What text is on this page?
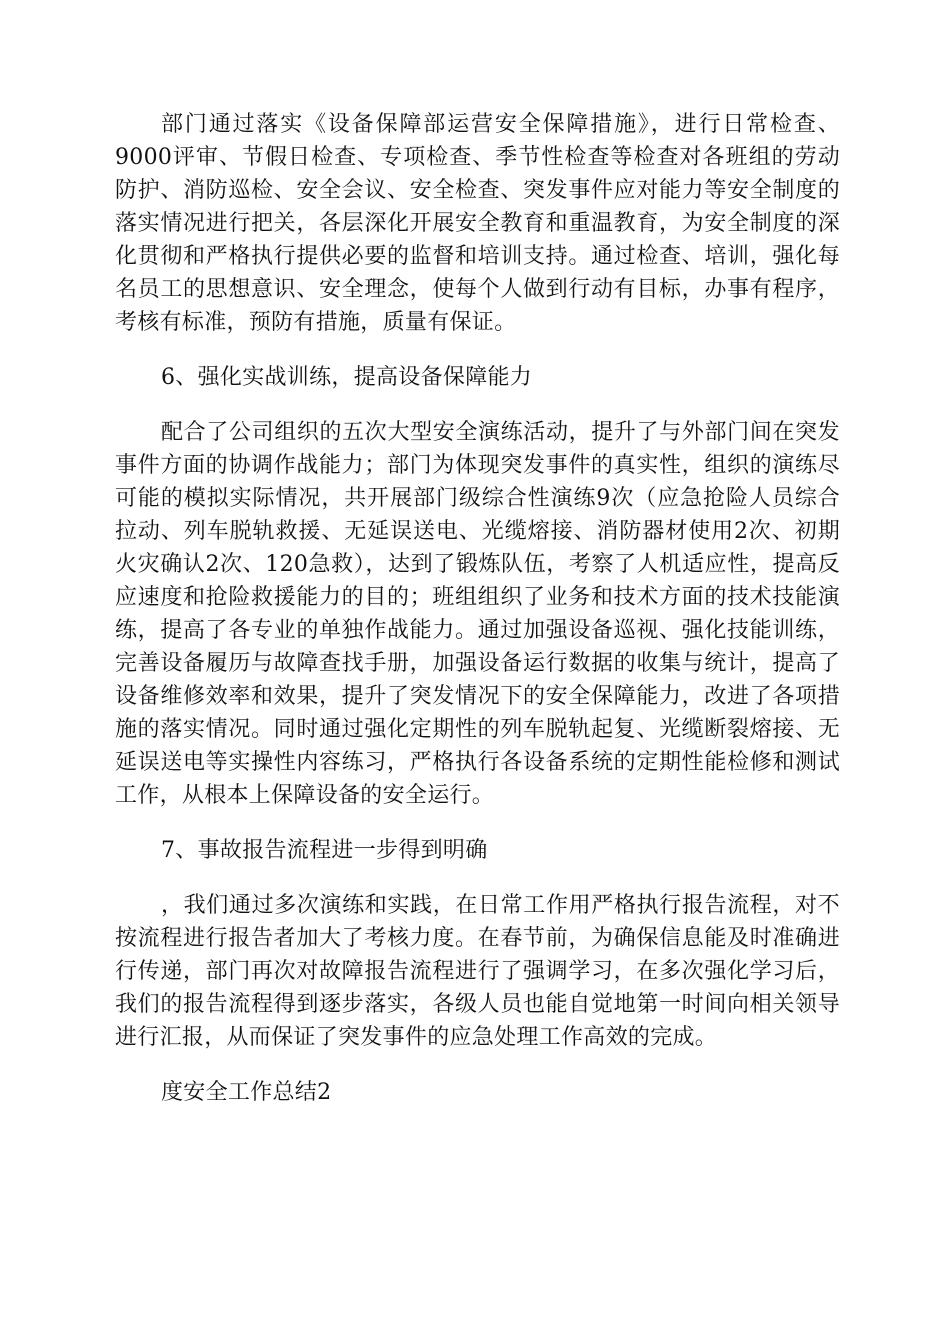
部门通过落实《设备保障部运营安全保障措施》，进行日常检查、9000评审、节假日检查、专项检查、季节性检查等检查对各班组的劳动防护、消防巡检、安全会议、安全检查、突发事件应对能力等安全制度的落实情况进行把关，各层深化开展安全教育和重温教育，为安全制度的深化贯彻和严格执行提供必要的监督和培训支持。通过检查、培训，强化每名员工的思想意识、安全理念，使每个人做到行动有目标，办事有程序，考核有标准，预防有措施，质量有保证。

6、强化实战训练，提高设备保障能力

配合了公司组织的五次大型安全演练活动，提升了与外部门间在突发事件方面的协调作战能力；部门为体现突发事件的真实性，组织的演练尽可能的模拟实际情况，共开展部门级综合性演练9次（应急抢险人员综合拉动、列车脱轨救援、无延误送电、光缆熔接、消防器材使用2次、初期火灾确认2次、120急救），达到了锻炼队伍，考察了人机适应性，提高反应速度和抢险救援能力的目的；班组组织了业务和技术方面的技术技能演练，提高了各专业的单独作战能力。通过加强设备巡视、强化技能训练，完善设备履历与故障查找手册，加强设备运行数据的收集与统计，提高了设备维修效率和效果，提升了突发情况下的安全保障能力，改进了各项措施的落实情况。同时通过强化定期性的列车脱轨起复、光缆断裂熔接、无延误送电等实操性内容练习，严格执行各设备系统的定期性能检修和测试工作，从根本上保障设备的安全运行。

7、事故报告流程进一步得到明确

，我们通过多次演练和实践，在日常工作用严格执行报告流程，对不按流程进行报告者加大了考核力度。在春节前，为确保信息能及时准确进行传递，部门再次对故障报告流程进行了强调学习，在多次强化学习后，我们的报告流程得到逐步落实，各级人员也能自觉地第一时间向相关领导进行汇报，从而保证了突发事件的应急处理工作高效的完成。

度安全工作总结2
